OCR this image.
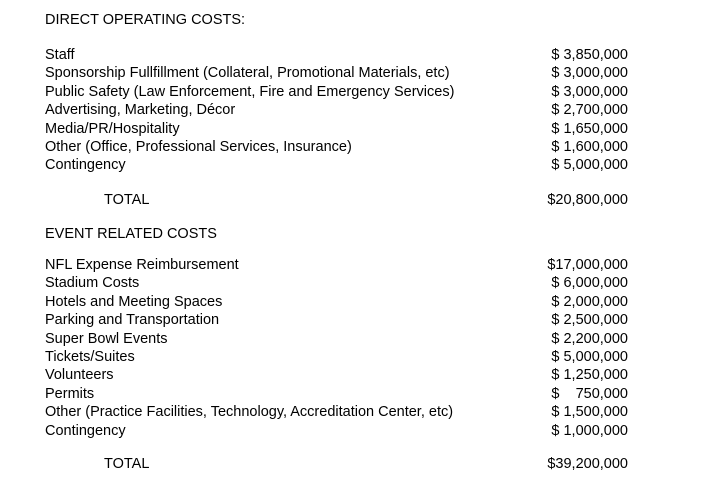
DIRECT OPERATING COSTS:
Staff	$ 3,850,000
Sponsorship Fullfillment (Collateral, Promotional Materials, etc)	$ 3,000,000
Public Safety (Law Enforcement, Fire and Emergency Services)	$ 3,000,000
Advertising, Marketing, Décor	$ 2,700,000
Media/PR/Hospitality	$ 1,650,000
Other (Office, Professional Services, Insurance)	$ 1,600,000
Contingency	$ 5,000,000
TOTAL	$20,800,000
EVENT RELATED COSTS
NFL Expense Reimbursement	$17,000,000
Stadium Costs	$ 6,000,000
Hotels and Meeting Spaces	$ 2,000,000
Parking and Transportation	$ 2,500,000
Super Bowl Events	$ 2,200,000
Tickets/Suites	$ 5,000,000
Volunteers	$ 1,250,000
Permits	$    750,000
Other (Practice Facilities, Technology, Accreditation Center, etc)	$ 1,500,000
Contingency	$ 1,000,000
TOTAL	$39,200,000
